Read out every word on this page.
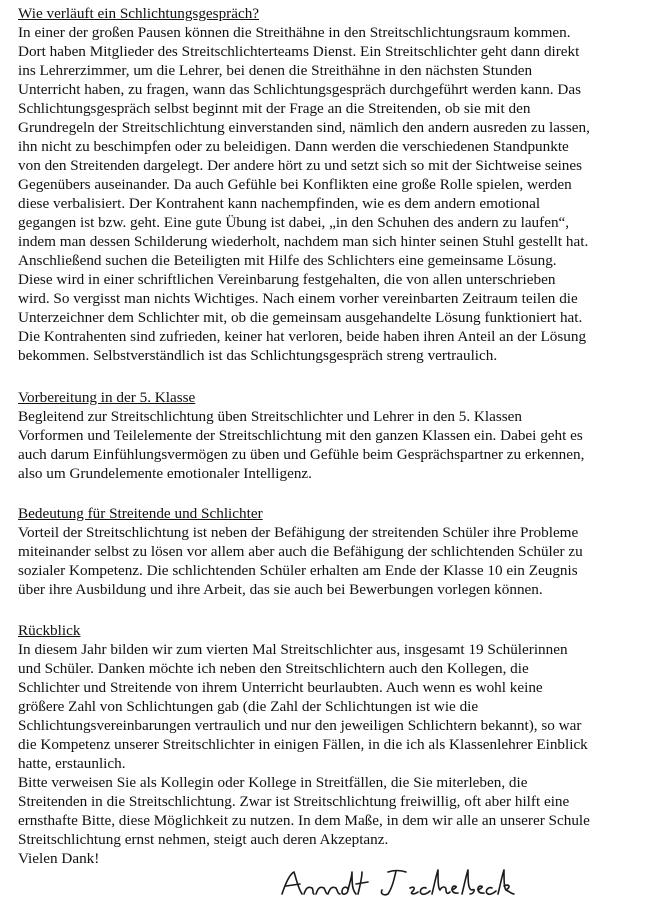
Wie verläuft ein Schlichtungsgespräch?

In einer der großen Pausen können die Streithähne in den Streitschlichtungsraum kommen.
Dort haben Mitglieder des Streitschlichterteams Dienst. Ein Streitschlichter geht dann direkt
ins Lehrerzimmer, um die Lehrer, bei denen die Streithähne in den nächsten Stunden
Unterricht haben, zu fragen, wann das Schlichtungsgespräch durchgeführt werden kann. Das
Schlichtungsgespräch selbst beginnt mit der Frage an die Streitenden, ob sie mit den
Grundregeln der Streitschlichtung einverstanden sind, nämlich den andern ausreden zu lassen,
ihn nicht zu beschimpfen oder zu beleidigen. Dann werden die verschiedenen Standpunkte
von den Streitenden dargelegt. Der andere hört zu und setzt sich so mit der Sichtweise seines
Gegenübers auseinander. Da auch Gefühle bei Konflikten eine große Rolle spielen, werden
diese verbalisiert. Der Kontrahent kann nachempfinden, wie es dem andern emotional
gegangen ist bzw. geht. Eine gute Übung ist dabei, „in den Schuhen des andern zu laufen“,
indem man dessen Schilderung wiederholt, nachdem man sich hinter seinen Stuhl gestellt hat.
Anschließend suchen die Beteiligten mit Hilfe des Schlichters eine gemeinsame Lösung.
Diese wird in einer schriftlichen Vereinbarung festgehalten, die von allen unterschrieben
wird. So vergisst man nichts Wichtiges. Nach einem vorher vereinbarten Zeitraum teilen die
Unterzeichner dem Schlichter mit, ob die gemeinsam ausgehandelte Lösung funktioniert hat.
Die Kontrahenten sind zufrieden, keiner hat verloren, beide haben ihren Anteil an der Lösung
bekommen. Selbstverständlich ist das Schlichtungsgespräch streng vertraulich.

Vorbereitung in der 5. Klasse

Begleitend zur Streitschlichtung üben Streitschlichter und Lehrer in den 5. Klassen
Vorformen und Teilelemente der Streitschlichtung mit den ganzen Klassen ein. Dabei geht es
auch darum Einfühlungsvermögen zu üben und Gefühle beim Gesprächspartner zu erkennen,
also um Grundelemente emotionaler Intelligenz.

Bedeutung für Streitende und Schlichter

Vorteil der Streitschlichtung ist neben der Befähigung der streitenden Schüler ihre Probleme
miteinander selbst zu lösen vor allem aber auch die Befähigung der schlichtenden Schüler zu
sozialer Kompetenz. Die schlichtenden Schüler erhalten am Ende der Klasse 10 ein Zeugnis
über ihre Ausbildung und ihre Arbeit, das sie auch bei Bewerbungen vorlegen können.

Rückblick

In diesem Jahr bilden wir zum vierten Mal Streitschlichter aus, insgesamt 19 Schülerinnen
und Schüler. Danken möchte ich neben den Streitschlichtern auch den Kollegen, die
Schlichter und Streitende von ihrem Unterricht beurlaubten. Auch wenn es wohl keine
größere Zahl von Schlichtungen gab (die Zahl der Schlichtungen ist wie die
Schlichtungsvereinbarungen vertraulich und nur den jeweiligen Schlichtern bekannt), so war
die Kompetenz unserer Streitschlichter in einigen Fällen, in die ich als Klassenlehrer Einblick
hatte, erstaunlich.
Bitte verweisen Sie als Kollegin oder Kollege in Streitfällen, die Sie miterleben, die
Streitenden in die Streitschlichtung. Zwar ist Streitschlichtung freiwillig, oft aber hilft eine
ernsthafte Bitte, diese Möglichkeit zu nutzen. In dem Maße, in dem wir alle an unserer Schule
Streitschlichtung ernst nehmen, steigt auch deren Akzeptanz.
Vielen Dank!
